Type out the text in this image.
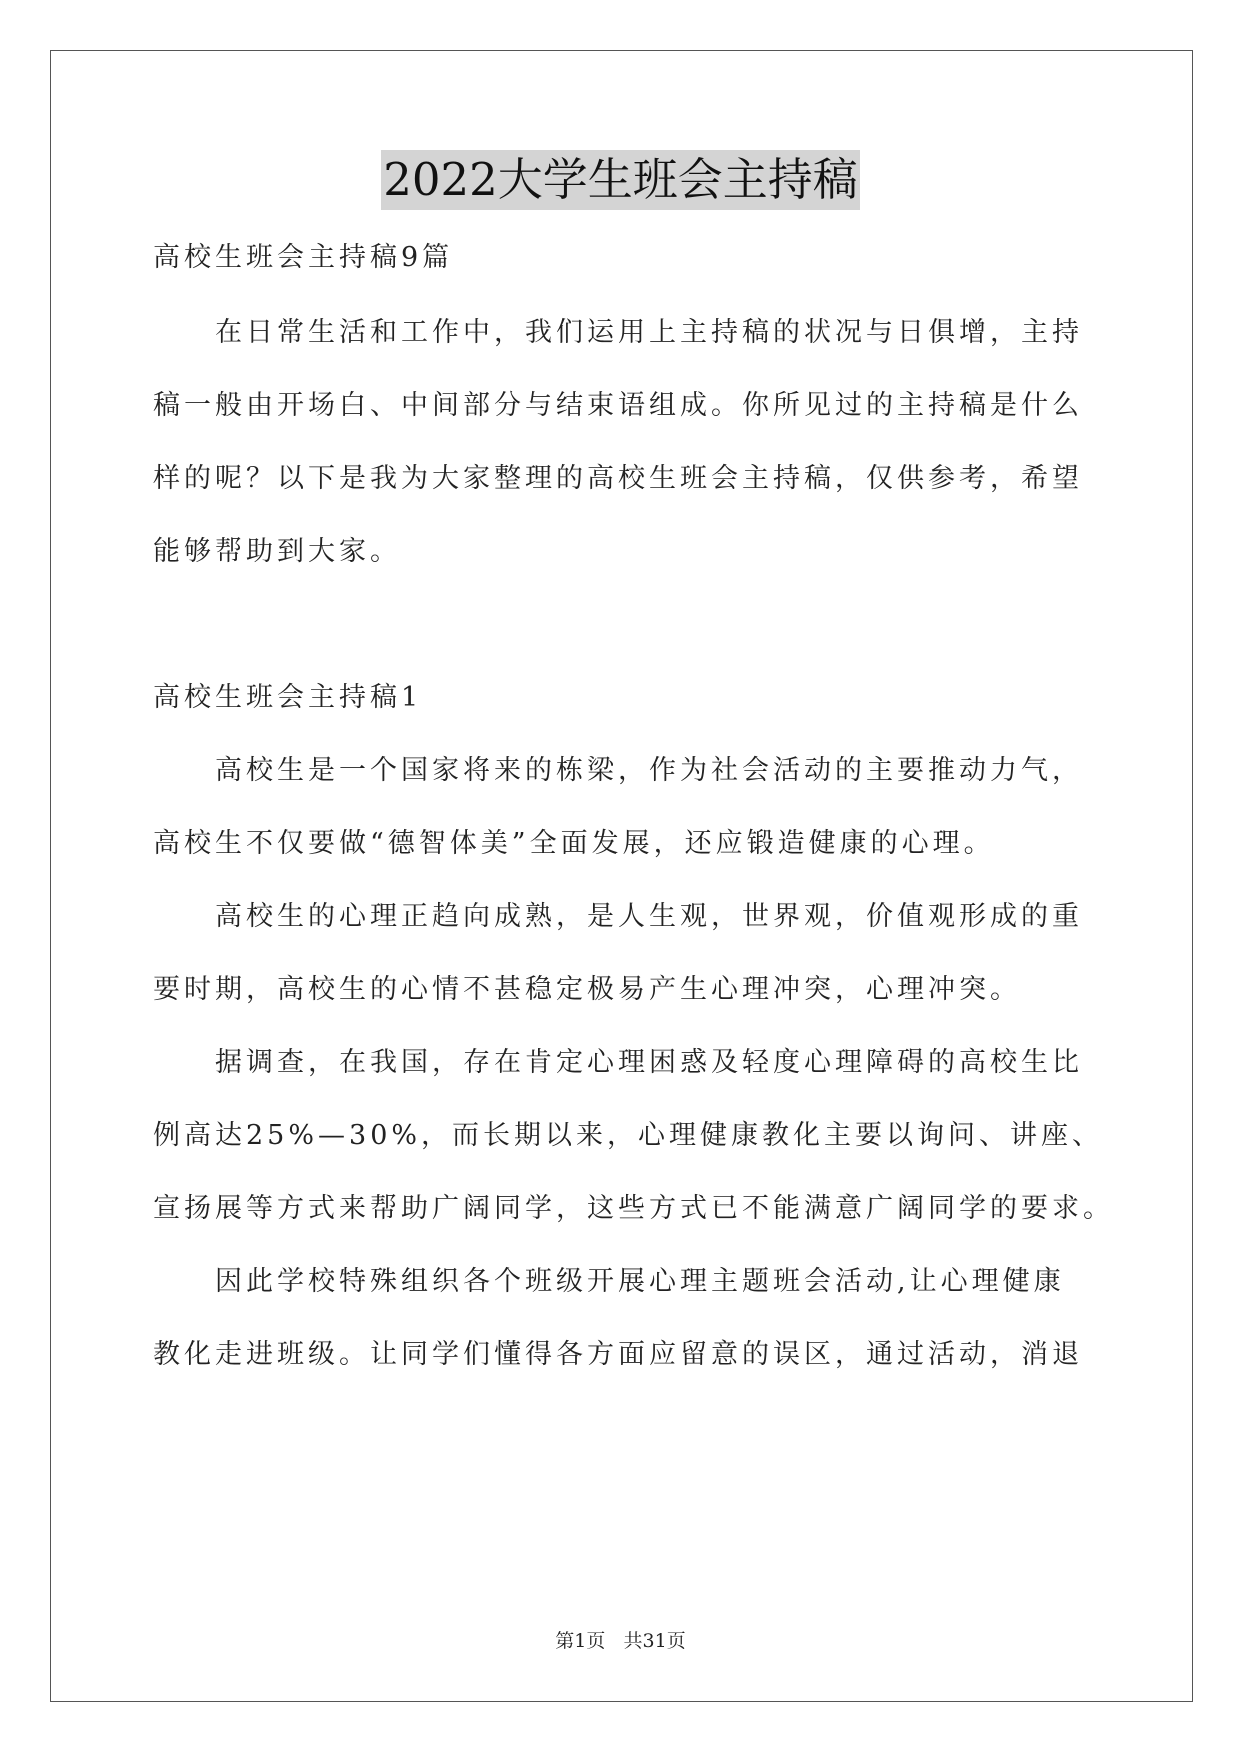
2022大学生班会主持稿

高校生班会主持稿9篇

在日常生活和工作中，我们运用上主持稿的状况与日俱增，主持

稿一般由开场白、中间部分与结束语组成。你所见过的主持稿是什么

样的呢？以下是我为大家整理的高校生班会主持稿，仅供参考，希望

能够帮助到大家。

高校生班会主持稿1

高校生是一个国家将来的栋梁，作为社会活动的主要推动力气，

高校生不仅要做“德智体美”全面发展，还应锻造健康的心理。

高校生的心理正趋向成熟，是人生观，世界观，价值观形成的重

要时期，高校生的心情不甚稳定极易产生心理冲突，心理冲突。

据调查，在我国，存在肯定心理困惑及轻度心理障碍的高校生比

例高达25%—30%，而长期以来，心理健康教化主要以询问、讲座、

宣扬展等方式来帮助广阔同学，这些方式已不能满意广阔同学的要求。

因此学校特殊组织各个班级开展心理主题班会活动,让心理健康

教化走进班级。让同学们懂得各方面应留意的误区，通过活动，消退

第1页 共31页
